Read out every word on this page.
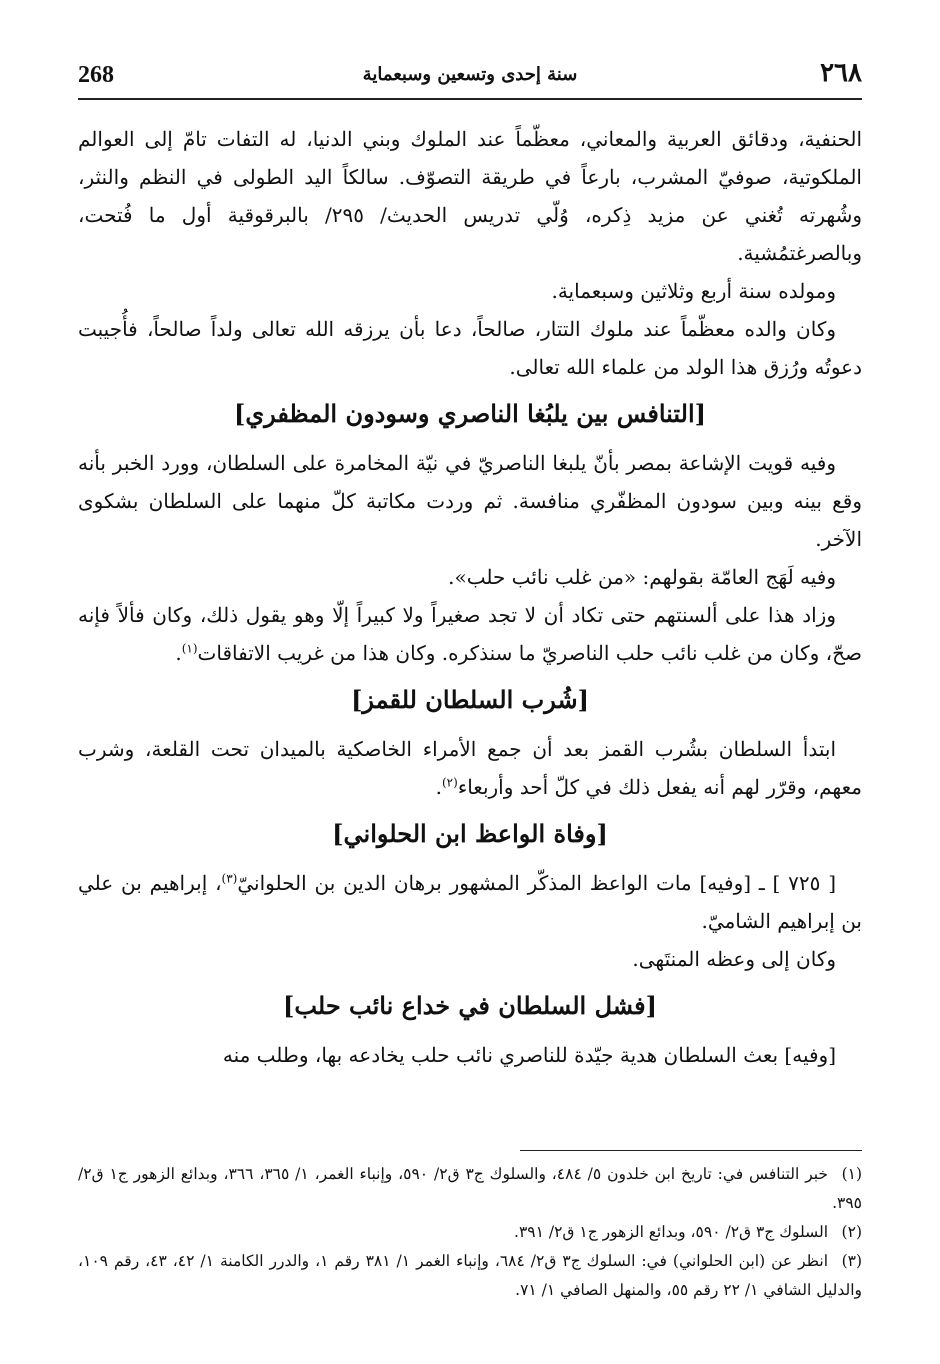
268	سنة إحدى وتسعين وسبعماية	٢٦٨

الحنفية، ودقائق العربية والمعاني، معظّماً عند الملوك وبني الدنيا، له التفات تامّ إلى العوالم الملكوتية، صوفيّ المشرب، بارعاً في طريقة التصوّف. سالكاً اليد الطولى في النظم والنثر، وشُهرته تُغني عن مزيد ذِكره، وُلّي تدريس الحديث/ ٢٩٥/ بالبرقوقية أول ما فُتحت، وبالصرغتمُشية.

ومولده سنة أربع وثلاثين وسبعماية.

وكان والده معظّماً عند ملوك التتار، صالحاً، دعا بأن يرزقه الله تعالى ولداً صالحاً، فأُجيبت دعوتُه ورُزق هذا الولد من علماء الله تعالى.

[التنافس بين يلبُغا الناصري وسودون المظفري]

وفيه قويت الإشاعة بمصر بأنّ يلبغا الناصريّ في نيّة المخامرة على السلطان، وورد الخبر بأنه وقع بينه وبين سودون المظفّري منافسة. ثم وردت مكاتبة كلّ منهما على السلطان بشكوى الآخر.

وفيه لَهَج العامّة بقولهم: «من غلب نائب حلب».

وزاد هذا على ألسنتهم حتى تكاد أن لا تجد صغيراً ولا كبيراً إلّا وهو يقول ذلك، وكان فألاً فإنه صحّ، وكان من غلب نائب حلب الناصريّ ما سنذكره. وكان هذا من غريب الاتفاقات$^{(١)}$.

[شُرب السلطان للقمز]

ابتدأ السلطان بشُرب القمز بعد أن جمع الأمراء الخاصكية بالميدان تحت القلعة، وشرب معهم، وقرّر لهم أنه يفعل ذلك في كلّ أحد وأربعاء$^{(٢)}$.

[وفاة الواعظ ابن الحلواني]

[ ٧٢٥ ] ـ [وفيه] مات الواعظ المذكّر المشهور برهان الدين بن الحلوانيّ$^{(٣)}$، إبراهيم بن علي بن إبراهيم الشاميّ.

وكان إلى وعظه المنتَهى.

[فشل السلطان في خداع نائب حلب]

[وفيه] بعث السلطان هدية جيّدة للناصري نائب حلب يخادعه بها، وطلب منه

(١)خبر التنافس في: تاريخ ابن خلدون ٥/ ٤٨٤، والسلوك ج٣ ق٢/ ٥٩٠، وإنباء الغمر، ١/ ٣٦٥، ٣٦٦، وبدائع الزهور ج١ ق٢/ ٣٩٥.

(٢)السلوك ج٣ ق٢/ ٥٩٠، وبدائع الزهور ج١ ق٢/ ٣٩١.

(٣)انظر عن (ابن الحلواني) في: السلوك ج٣ ق٢/ ٦٨٤، وإنباء الغمر ١/ ٣٨١ رقم ١، والدرر الكامنة ١/ ٤٢، ٤٣، رقم ١٠٩، والدليل الشافي ١/ ٢٢ رقم ٥٥، والمنهل الصافي ١/ ٧١.
